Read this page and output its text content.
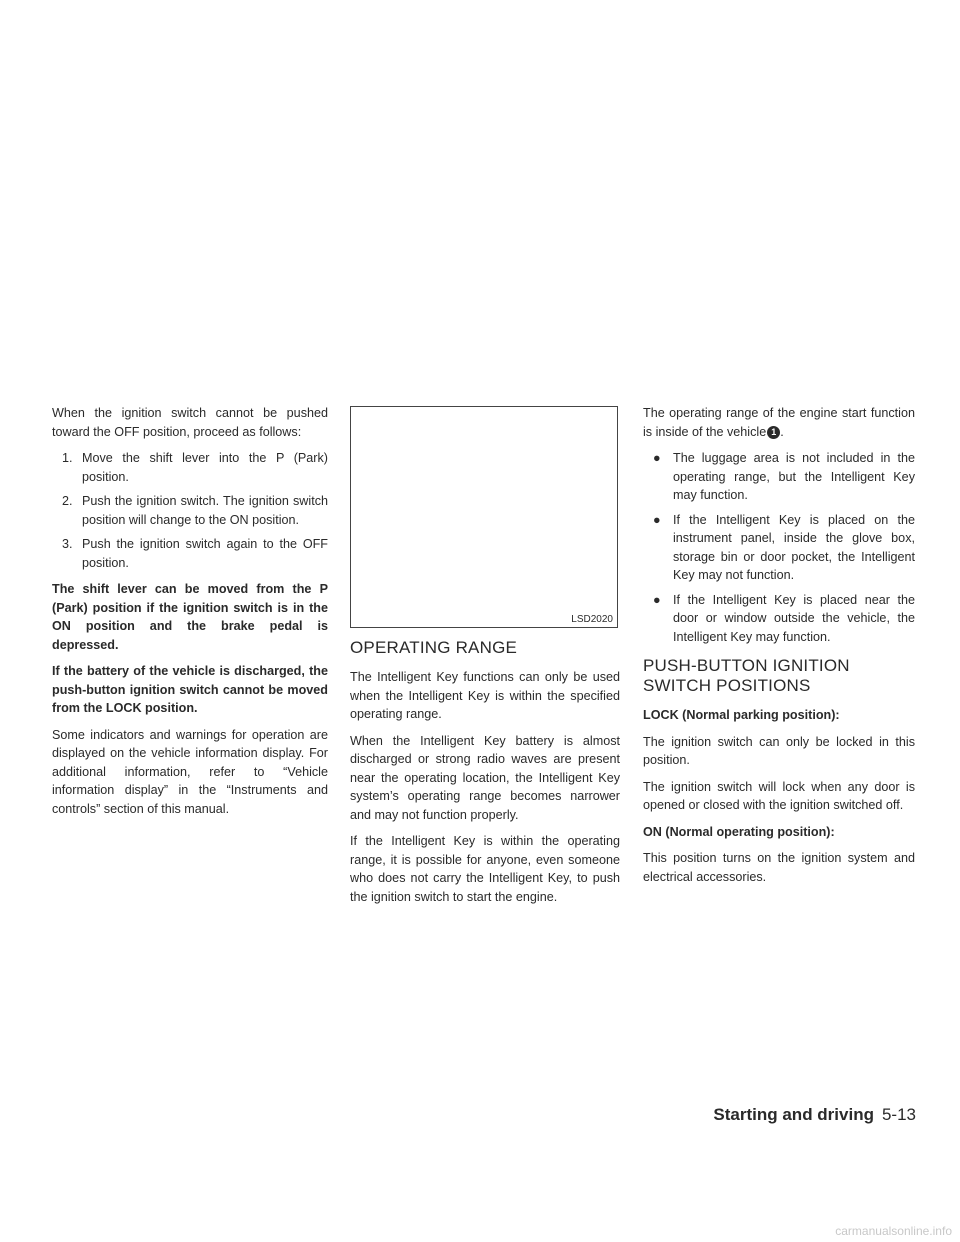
When the ignition switch cannot be pushed toward the OFF position, proceed as follows:

1. Move the shift lever into the P (Park) position.
2. Push the ignition switch. The ignition switch position will change to the ON position.
3. Push the ignition switch again to the OFF position.

The shift lever can be moved from the P (Park) position if the ignition switch is in the ON position and the brake pedal is depressed.

If the battery of the vehicle is discharged, the push-button ignition switch cannot be moved from the LOCK position.

Some indicators and warnings for operation are displayed on the vehicle information display. For additional information, refer to “Vehicle information display” in the “Instruments and controls” section of this manual.

LSD2020
OPERATING RANGE

The Intelligent Key functions can only be used when the Intelligent Key is within the specified operating range.

When the Intelligent Key battery is almost discharged or strong radio waves are present near the operating location, the Intelligent Key system’s operating range becomes narrower and may not function properly.

If the Intelligent Key is within the operating range, it is possible for anyone, even someone who does not carry the Intelligent Key, to push the ignition switch to start the engine.

The operating range of the engine start function is inside of the vehicle 1 .

● The luggage area is not included in the operating range, but the Intelligent Key may function.
● If the Intelligent Key is placed on the instrument panel, inside the glove box, storage bin or door pocket, the Intelligent Key may not function.
● If the Intelligent Key is placed near the door or window outside the vehicle, the Intelligent Key may function.
PUSH-BUTTON IGNITION SWITCH POSITIONS

LOCK (Normal parking position):

The ignition switch can only be locked in this position.

The ignition switch will lock when any door is opened or closed with the ignition switched off.

ON (Normal operating position):

This position turns on the ignition system and electrical accessories.

Starting and driving 5-13
carmanualsonline.info
